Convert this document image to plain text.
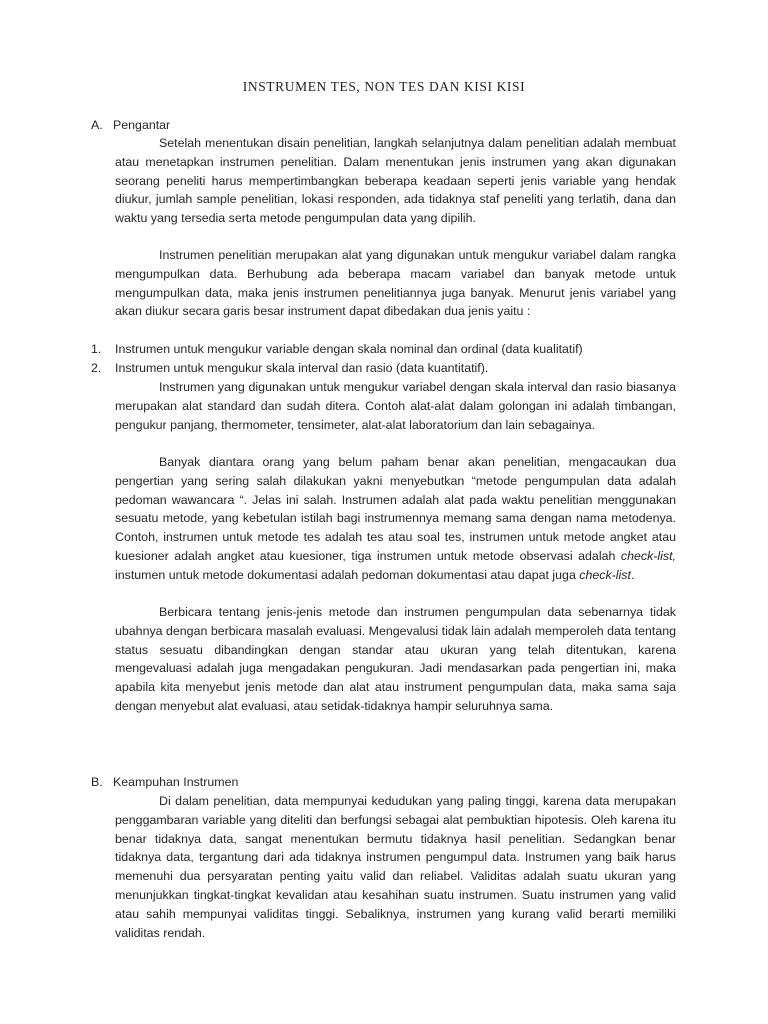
INSTRUMEN TES, NON TES DAN KISI KISI
A. Pengantar

Setelah menentukan disain penelitian, langkah selanjutnya dalam penelitian adalah membuat atau menetapkan instrumen penelitian. Dalam menentukan jenis instrumen yang akan digunakan seorang peneliti harus mempertimbangkan beberapa keadaan seperti jenis variable yang hendak diukur, jumlah sample penelitian, lokasi responden, ada tidaknya staf peneliti yang terlatih, dana dan waktu yang tersedia serta metode pengumpulan data yang dipilih.

Instrumen penelitian merupakan alat yang digunakan untuk mengukur variabel dalam rangka mengumpulkan data. Berhubung ada beberapa macam variabel dan banyak metode untuk mengumpulkan data, maka jenis instrumen penelitiannya juga banyak. Menurut jenis variabel yang akan diukur secara garis besar instrument dapat dibedakan dua jenis yaitu :

1. Instrumen untuk mengukur variable dengan skala nominal dan ordinal (data kualitatif)
2. Instrumen untuk mengukur skala interval dan rasio (data kuantitatif).

Instrumen yang digunakan untuk mengukur variabel dengan skala interval dan rasio biasanya merupakan alat standard dan sudah ditera. Contoh alat-alat dalam golongan ini adalah timbangan, pengukur panjang, thermometer, tensimeter, alat-alat laboratorium dan lain sebagainya.

Banyak diantara orang yang belum paham benar akan penelitian, mengacaukan dua pengertian yang sering salah dilakukan yakni menyebutkan “metode pengumpulan data adalah pedoman wawancara “. Jelas ini salah. Instrumen adalah alat pada waktu penelitian menggunakan sesuatu metode, yang kebetulan istilah bagi instrumennya memang sama dengan nama metodenya. Contoh, instrumen untuk metode tes adalah tes atau soal tes, instrumen untuk metode angket atau kuesioner adalah angket atau kuesioner, tiga instrumen untuk metode observasi adalah check-list, instumen untuk metode dokumentasi adalah pedoman dokumentasi atau dapat juga check-list.

Berbicara tentang jenis-jenis metode dan instrumen pengumpulan data sebenarnya tidak ubahnya dengan berbicara masalah evaluasi. Mengevalusi tidak lain adalah memperoleh data tentang status sesuatu dibandingkan dengan standar atau ukuran yang telah ditentukan, karena mengevaluasi adalah juga mengadakan pengukuran. Jadi mendasarkan pada pengertian ini, maka apabila kita menyebut jenis metode dan alat atau instrument pengumpulan data, maka sama saja dengan menyebut alat evaluasi, atau setidak-tidaknya hampir seluruhnya sama.

B. Keampuhan Instrumen

Di dalam penelitian, data mempunyai kedudukan yang paling tinggi, karena data merupakan penggambaran variable yang diteliti dan berfungsi sebagai alat pembuktian hipotesis. Oleh karena itu benar tidaknya data, sangat menentukan bermutu tidaknya hasil penelitian. Sedangkan benar tidaknya data, tergantung dari ada tidaknya instrumen pengumpul data. Instrumen yang baik harus memenuhi dua persyaratan penting yaitu valid dan reliabel. Validitas adalah suatu ukuran yang menunjukkan tingkat-tingkat kevalidan atau kesahihan suatu instrumen. Suatu instrumen yang valid atau sahih mempunyai validitas tinggi. Sebaliknya, instrumen yang kurang valid berarti memiliki validitas rendah.
